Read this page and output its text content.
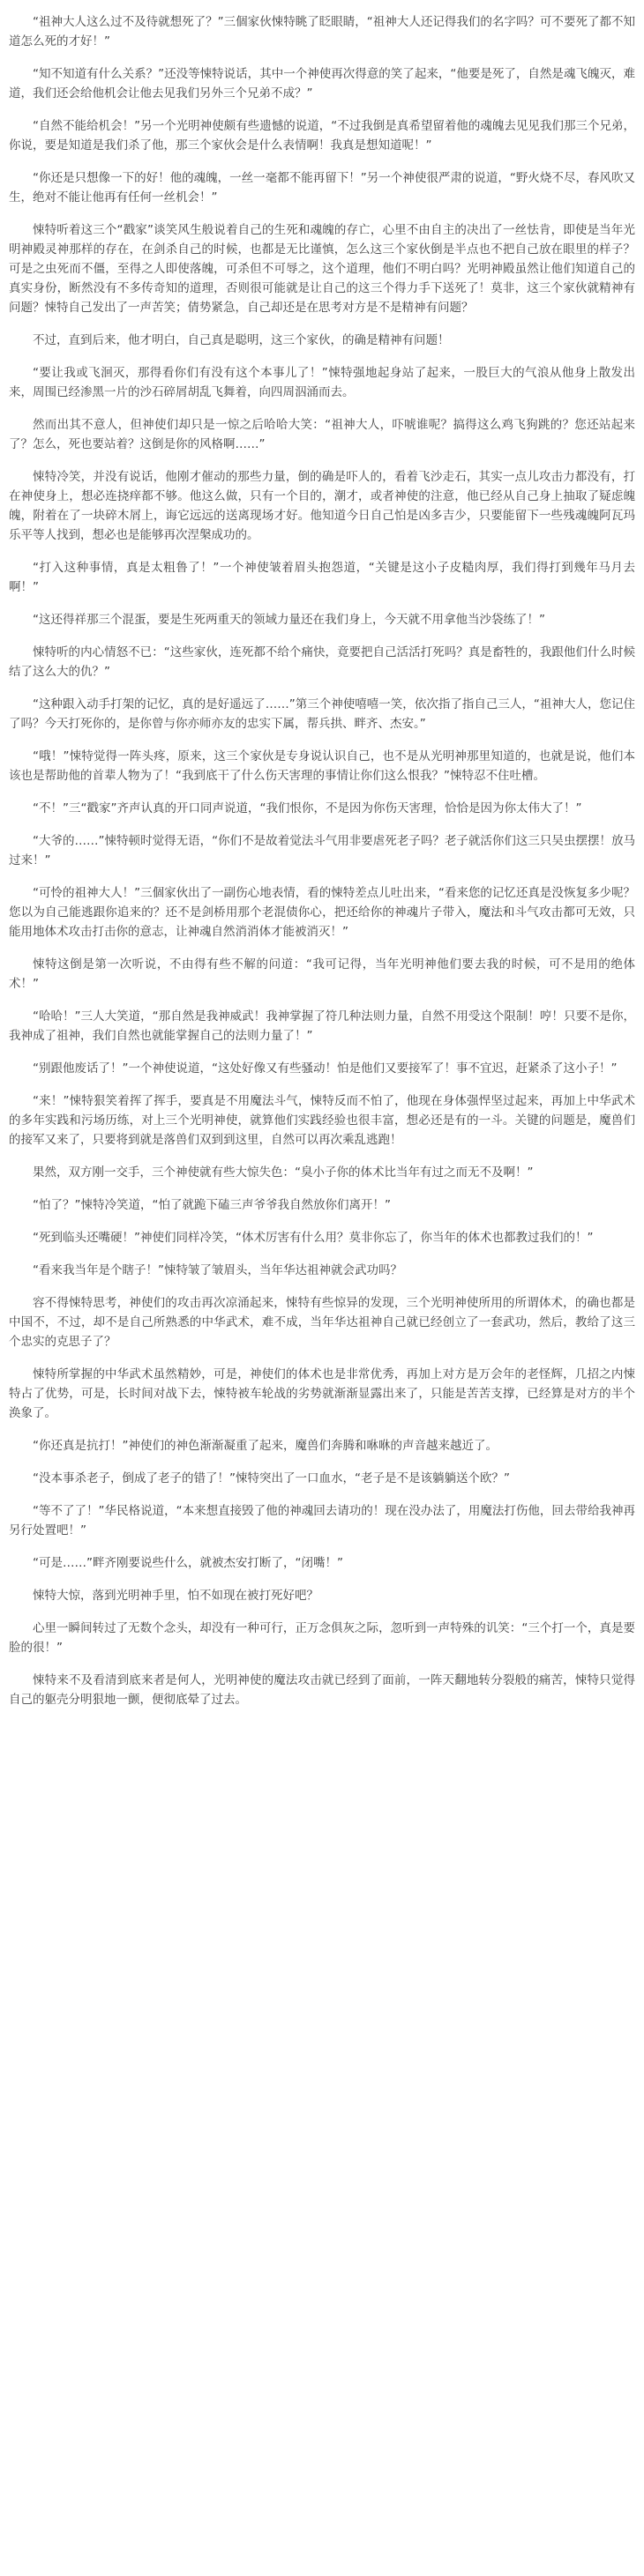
“祖神大人这么过不及待就想死了？”三個家伙悚特眺了眨眼睛，“祖神大人还记得我们的名字吗？可不要死了都不知道怎么死的才好！”

“知不知道有什么关系？”还没等悚特说话，其中一个神使再次得意的笑了起来，“他要是死了，自然是魂飞魄灭，难道，我们还会给他机会让他去见我们另外三个兄弟不成？”

“自然不能给机会！”另一个光明神使颇有些遗憾的说道，“不过我倒是真希望留着他的魂魄去见见我们那三个兄弟，你说，要是知道是我们杀了他，那三个家伙会是什么表情啊！我真是想知道呢！”

“你还是只想像一下的好！他的魂魄，一丝一毫都不能再留下！”另一个神使很严肃的说道，“野火烧不尽，春风吹又生，绝对不能让他再有任何一丝机会！”

悚特听着这三个“戳家”谈笑风生般说着自己的生死和魂魄的存亡，心里不由自主的决出了一丝怯肯，即使是当年光明神殿灵神那样的存在，在剑杀自己的时候，也都是无比谨慎，怎么这三个家伙倒是半点也不把自己放在眼里的样子？可是之虫死而不僵，至得之人即使落魄，可杀但不可辱之，这个道理，他们不明白吗？光明神殿虽然让他们知道自己的真实身份，断然没有不多传奇知的道理，否则很可能就是让自己的这三个得力手下送死了！莫非，这三个家伙就精神有问题？悚特自己发出了一声苦笑；倩势紧急，自己却还是在思考对方是不是精神有问题？

不过，直到后来，他才明白，自己真是聪明，这三个家伙，的确是精神有问题！

“要让我或飞洄灭，那得看你们有没有这个本事儿了！”悚特强地起身站了起来，一股巨大的气浪从他身上散发出来，周围已经渗黑一片的沙石碎屑胡乱飞舞着，向四周泅涌而去。

然而出其不意人，但神使们却只是一惊之后哈哈大笑：“祖神大人，吓唬谁呢？搞得这么鸡飞狗跳的？您还站起来了？怎么，死也要站着？这倒是你的风格啊……”

悚特冷笑，并没有说话，他刚才催动的那些力量，倒的确是吓人的，看着飞沙走石，其实一点儿攻击力都没有，打在神使身上，想必连挠痒都不够。他这么做，只有一个目的，潮才，或者神使的注意，他已经从自己身上抽取了疑虑魄魄，附着在了一块碎木屑上，诲它远远的送离现场才好。他知道今日自己怕是凶多吉少，只要能留下一些残魂魄阿瓦玛乐平等人找到，想必也是能够再次涅槃成功的。

“打入这种事情，真是太粗鲁了！”一个神使皱着眉头抱怨道，“关键是这小子皮糙肉厚，我们得打到幾年马月去啊！”

“这还得祥那三个混蛋，要是生死两重天的领域力量还在我们身上，今天就不用拿他当沙袋练了！”

悚特听的内心情怒不已：“这些家伙，连死都不给个痛快，竟要把自己活活打死吗？真是畜牲的，我跟他们什么时候结了这么大的仇？”

“这种跟入动手打架的记忆，真的是好遥远了……”第三个神使嘻嘻一笑，依次指了指自己三人，“祖神大人，您记住了吗？今天打死你的，是你曾与你亦师亦友的忠实下属，帮兵拱、畔齐、杰安。”

“哦！”悚特觉得一阵头疼，原来，这三个家伙是专身说认识自己，也不是从光明神那里知道的，也就是说，他们本该也是帮助他的首辈人物为了！“我到底干了什么伤天害理的事情让你们这么恨我？”悚特忍不住吐槽。

“不！”三“戳家”齐声认真的开口同声说道，“我们恨你，不是因为你伤天害理，恰恰是因为你太伟大了！”

“大爷的……”悚特顿时觉得无语，“你们不是故着觉法斗气用非要虐死老子吗？老子就活你们这三只吴虫摆摆！放马过来！”

“可怜的祖神大人！”三個家伙出了一副伤心地表情，看的悚特差点儿吐出来，“看来您的记忆还真是没恢复多少呢？您以为自己能逃跟你追来的？还不是剑桥用那个老混债你心，把还给你的神魂片子带入，魔法和斗气攻击都可无效，只能用地体术攻击打击你的意志，让神魂自然消消体才能被消灭！”

悚特这倒是第一次听说，不由得有些不解的问道：“我可记得，当年光明神他们要去我的时候，可不是用的绝体术！”

“哈哈！”三人大笑道，“那自然是我神威武！我神掌握了符几种法则力量，自然不用受这个限制！哼！只要不是你，我神成了祖神，我们自然也就能掌握自己的法则力量了！”

“别跟他废话了！”一个神使说道，“这处好像又有些骚动！怕是他们又要接军了！事不宜迟，赶紧杀了这小子！”

“来！”悚特狠笑着挥了挥手，要真是不用魔法斗气，悚特反而不怕了，他现在身体强悍坚过起来，再加上中华武术的多年实践和污场历练，对上三个光明神使，就算他们实践经验也很丰富，想必还是有的一斗。关键的问题是，魔兽们的接军又来了，只要将到就是落兽们双到到这里，自然可以再次乘乱逃跑！

果然，双方刚一交手，三个神使就有些大惊失色：“臭小子你的体术比当年有过之而无不及啊！”

“怕了？”悚特冷笑道，“怕了就跪下磕三声爷爷我自然放你们离开！”

“死到临头还嘴硬！”神使们同样冷笑，“体术厉害有什么用？莫非你忘了，你当年的体术也都教过我们的！”

“看来我当年是个瞎子！”悚特皱了皱眉头，当年华达祖神就会武功吗？

容不得悚特思考，神使们的攻击再次凉涌起来，悚特有些惊异的发现，三个光明神使所用的所谓体术，的确也都是中国不，不过，却不是自己所熟悉的中华武术，难不成，当年华达祖神自己就已经创立了一套武功，然后，教给了这三个忠实的克思子了？

悚特所掌握的中华武术虽然精妙，可是，神使们的体术也是非常优秀，再加上对方是万会年的老怪辉，几招之内悚特占了优势，可是，长时间对战下去，悚特被车轮战的劣势就渐渐显露出来了，只能是苦苦支撑，已经算是对方的半个涣象了。

“你还真是抗打！”神使们的神色渐渐凝重了起来，魔兽们奔腾和咻咻的声音越来越近了。

“没本事杀老子，倒成了老子的错了！”悚特突出了一口血水，“老子是不是该躺躺送个欧？”

“等不了了！”华民格说道，“本来想直接毁了他的神魂回去请功的！现在没办法了，用魔法打伤他，回去带给我神再另行处置吧！”

“可是……”畔齐刚要说些什么，就被杰安打断了，“闭嘴！”

悚特大惊，落到光明神手里，怕不如现在被打死好吧？

心里一瞬间转过了无数个念头，却没有一种可行，正万念俱灰之际，忽听到一声特殊的讥笑：“三个打一个，真是要脸的很！”

悚特来不及看清到底来者是何人，光明神使的魔法攻击就已经到了面前，一阵天翻地转分裂般的痛苦，悚特只觉得自己的躯壳分明狠地一颤，便彻底晕了过去。
